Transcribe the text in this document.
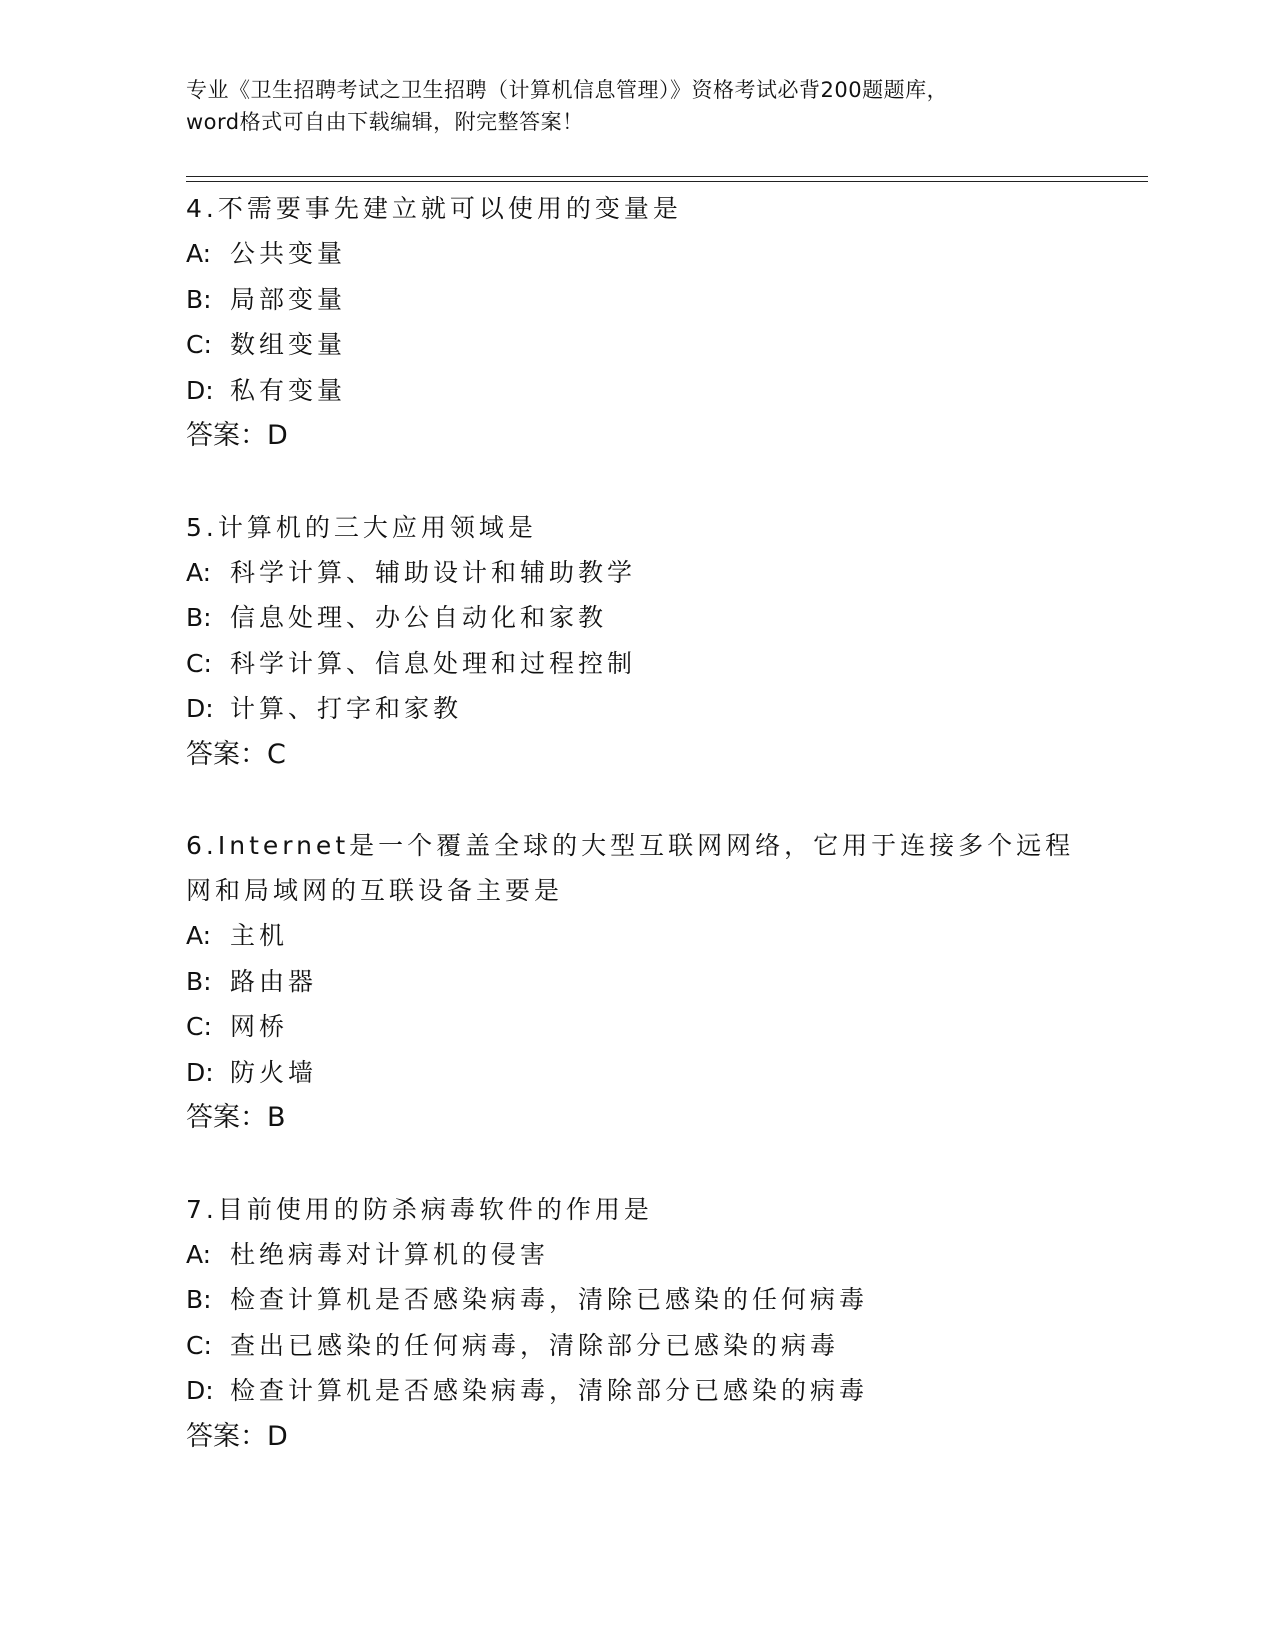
专业《卫生招聘考试之卫生招聘（计算机信息管理）》资格考试必背200题题库，
word格式可自由下载编辑，附完整答案！
4.不需要事先建立就可以使用的变量是
A: 公共变量
B: 局部变量
C: 数组变量
D: 私有变量
答案：D
5.计算机的三大应用领域是
A: 科学计算、辅助设计和辅助教学
B: 信息处理、办公自动化和家教
C: 科学计算、信息处理和过程控制
D: 计算、打字和家教
答案：C
6.Internet是一个覆盖全球的大型互联网网络，它用于连接多个远程
网和局域网的互联设备主要是
A: 主机
B: 路由器
C: 网桥
D: 防火墙
答案：B
7.目前使用的防杀病毒软件的作用是
A: 杜绝病毒对计算机的侵害
B: 检查计算机是否感染病毒，清除已感染的任何病毒
C: 查出已感染的任何病毒，清除部分已感染的病毒
D: 检查计算机是否感染病毒，清除部分已感染的病毒
答案：D
